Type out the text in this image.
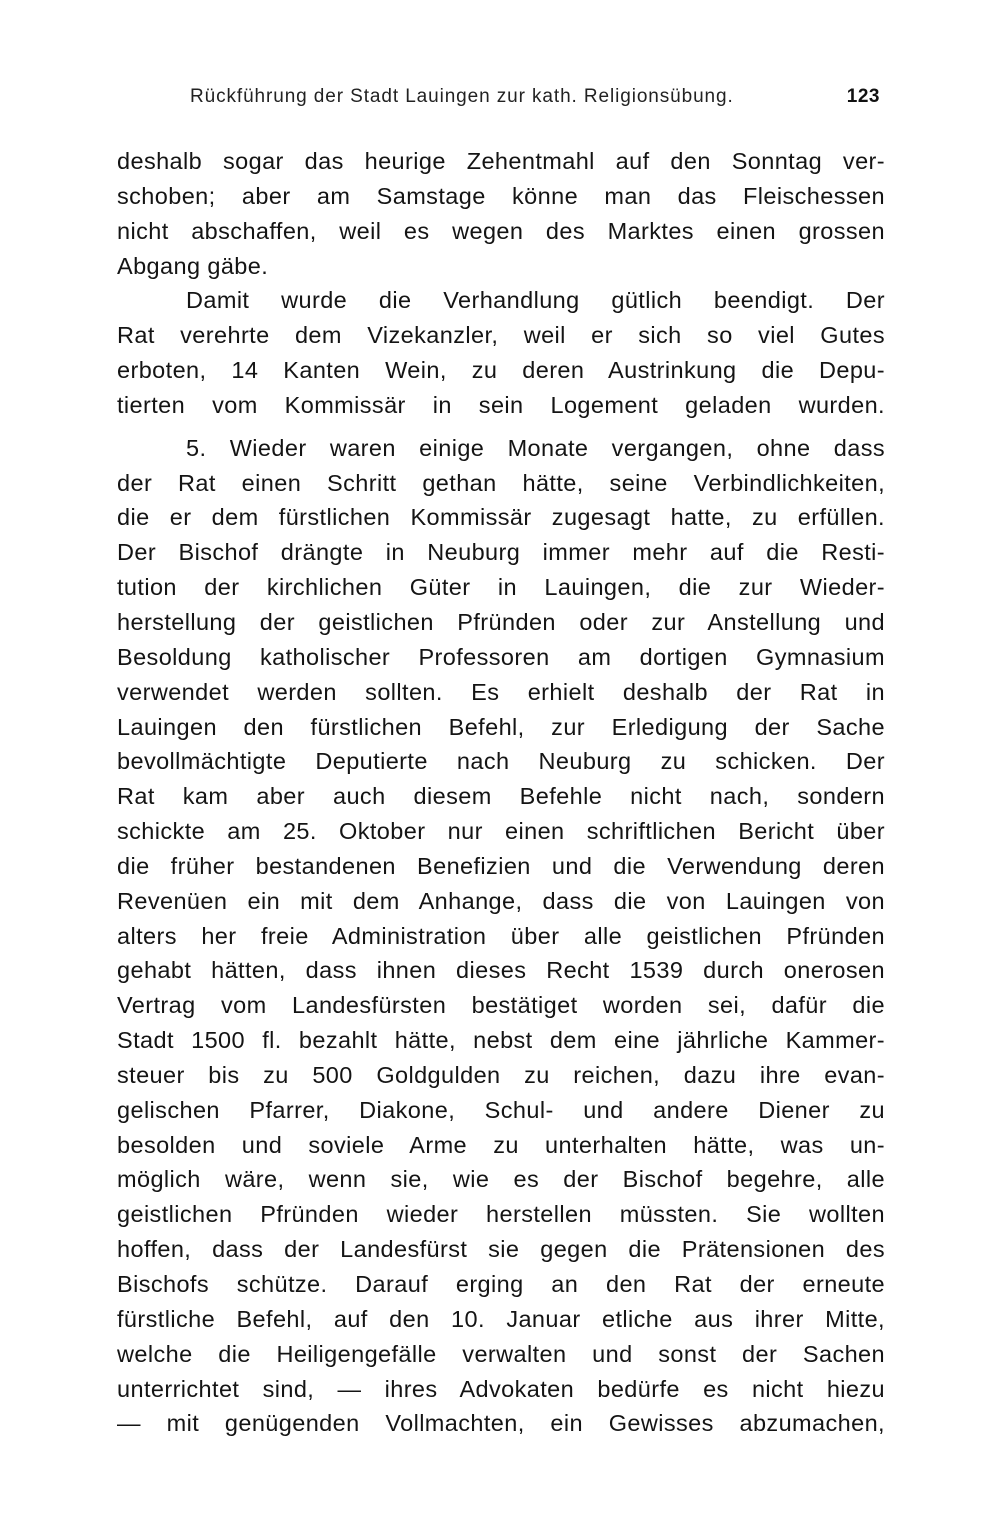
Rückführung der Stadt Lauingen zur kath. Religionsübung.	123
deshalb sogar das heurige Zehentmahl auf den Sonntag ver-
schoben; aber am Samstage könne man das Fleischessen
nicht abschaffen, weil es wegen des Marktes einen grossen
Abgang gäbe.
Damit wurde die Verhandlung gütlich beendigt. Der
Rat verehrte dem Vizekanzler, weil er sich so viel Gutes
erboten, 14 Kanten Wein, zu deren Austrinkung die Depu-
tierten vom Kommissär in sein Logement geladen wurden.
5. Wieder waren einige Monate vergangen, ohne dass
der Rat einen Schritt gethan hätte, seine Verbindlichkeiten,
die er dem fürstlichen Kommissär zugesagt hatte, zu erfüllen.
Der Bischof drängte in Neuburg immer mehr auf die Resti-
tution der kirchlichen Güter in Lauingen, die zur Wieder-
herstellung der geistlichen Pfründen oder zur Anstellung und
Besoldung katholischer Professoren am dortigen Gymnasium
verwendet werden sollten. Es erhielt deshalb der Rat in
Lauingen den fürstlichen Befehl, zur Erledigung der Sache
bevollmächtigte Deputierte nach Neuburg zu schicken. Der
Rat kam aber auch diesem Befehle nicht nach, sondern
schickte am 25. Oktober nur einen schriftlichen Bericht über
die früher bestandenen Benefizien und die Verwendung deren
Revenüen ein mit dem Anhange, dass die von Lauingen von
alters her freie Administration über alle geistlichen Pfründen
gehabt hätten, dass ihnen dieses Recht 1539 durch onerosen
Vertrag vom Landesfürsten bestätiget worden sei, dafür die
Stadt 1500 fl. bezahlt hätte, nebst dem eine jährliche Kammer-
steuer bis zu 500 Goldgulden zu reichen, dazu ihre evan-
gelischen Pfarrer, Diakone, Schul- und andere Diener zu
besolden und soviele Arme zu unterhalten hätte, was un-
möglich wäre, wenn sie, wie es der Bischof begehre, alle
geistlichen Pfründen wieder herstellen müssten. Sie wollten
hoffen, dass der Landesfürst sie gegen die Prätensionen des
Bischofs schütze. Darauf erging an den Rat der erneute
fürstliche Befehl, auf den 10. Januar etliche aus ihrer Mitte,
welche die Heiligengefälle verwalten und sonst der Sachen
unterrichtet sind, — ihres Advokaten bedürfe es nicht hiezu
— mit genügenden Vollmachten, ein Gewisses abzumachen,
